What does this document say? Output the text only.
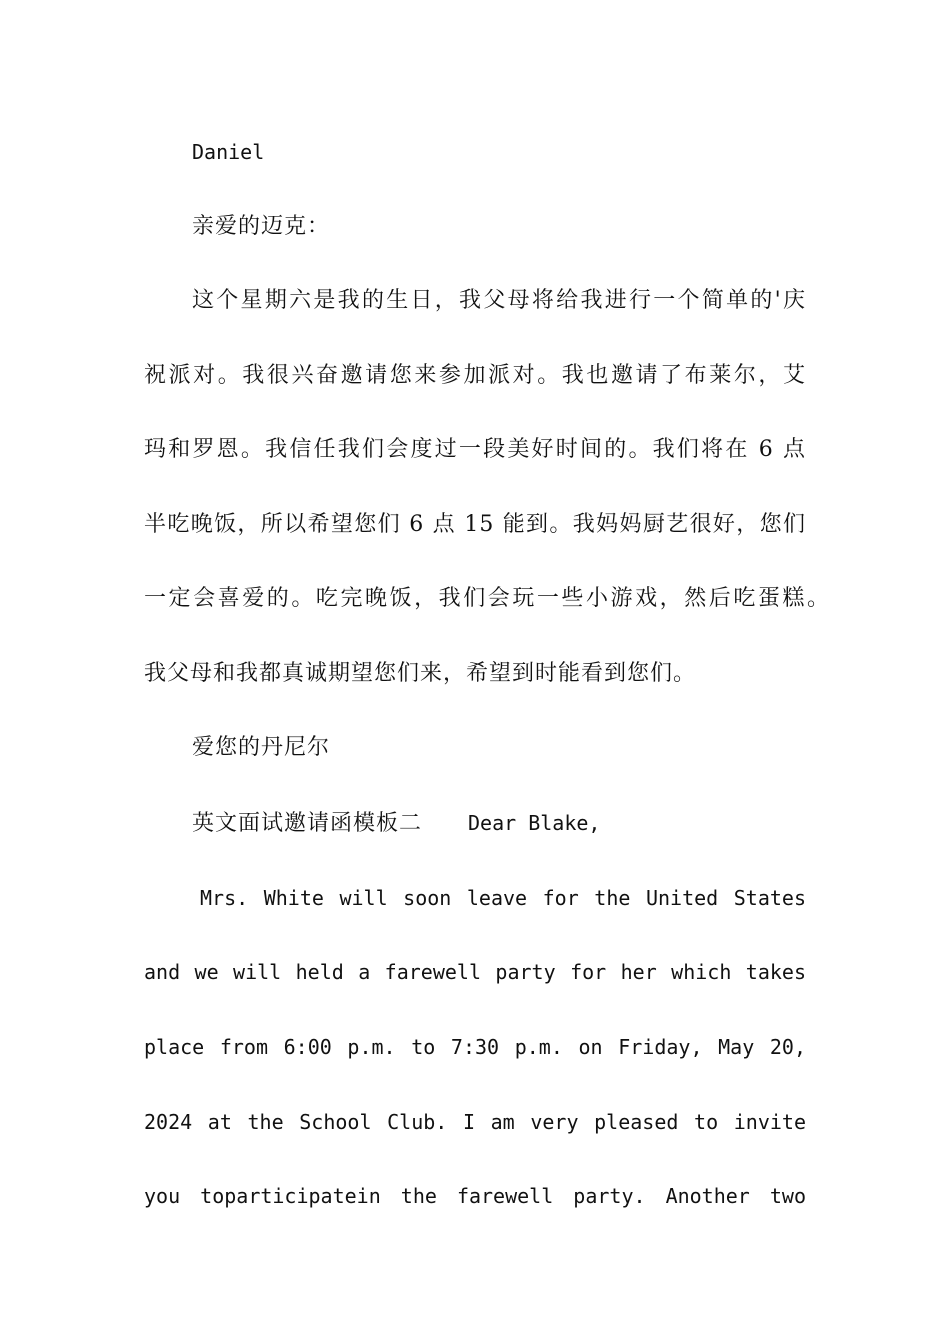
Daniel
亲爱的迈克：
这个星期六是我的生日，我父母将给我进行一个简单的'庆
祝派对。我很兴奋邀请您来参加派对。我也邀请了布莱尔，艾
玛和罗恩。我信任我们会度过一段美好时间的。我们将在 6 点
半吃晚饭，所以希望您们 6 点 15 能到。我妈妈厨艺很好，您们
一定会喜爱的。吃完晚饭，我们会玩一些小游戏，然后吃蛋糕。
我父母和我都真诚期望您们来，希望到时能看到您们。
爱您的丹尼尔
英文面试邀请函模板二 Dear Blake,
Mrs. White will soon leave for the United States
and we will held a farewell party for her which takes
place from 6:00 p.m. to 7:30 p.m. on Friday, May 20,
2024 at the School Club. I am very pleased to invite
you toparticipatein the farewell party. Another two
